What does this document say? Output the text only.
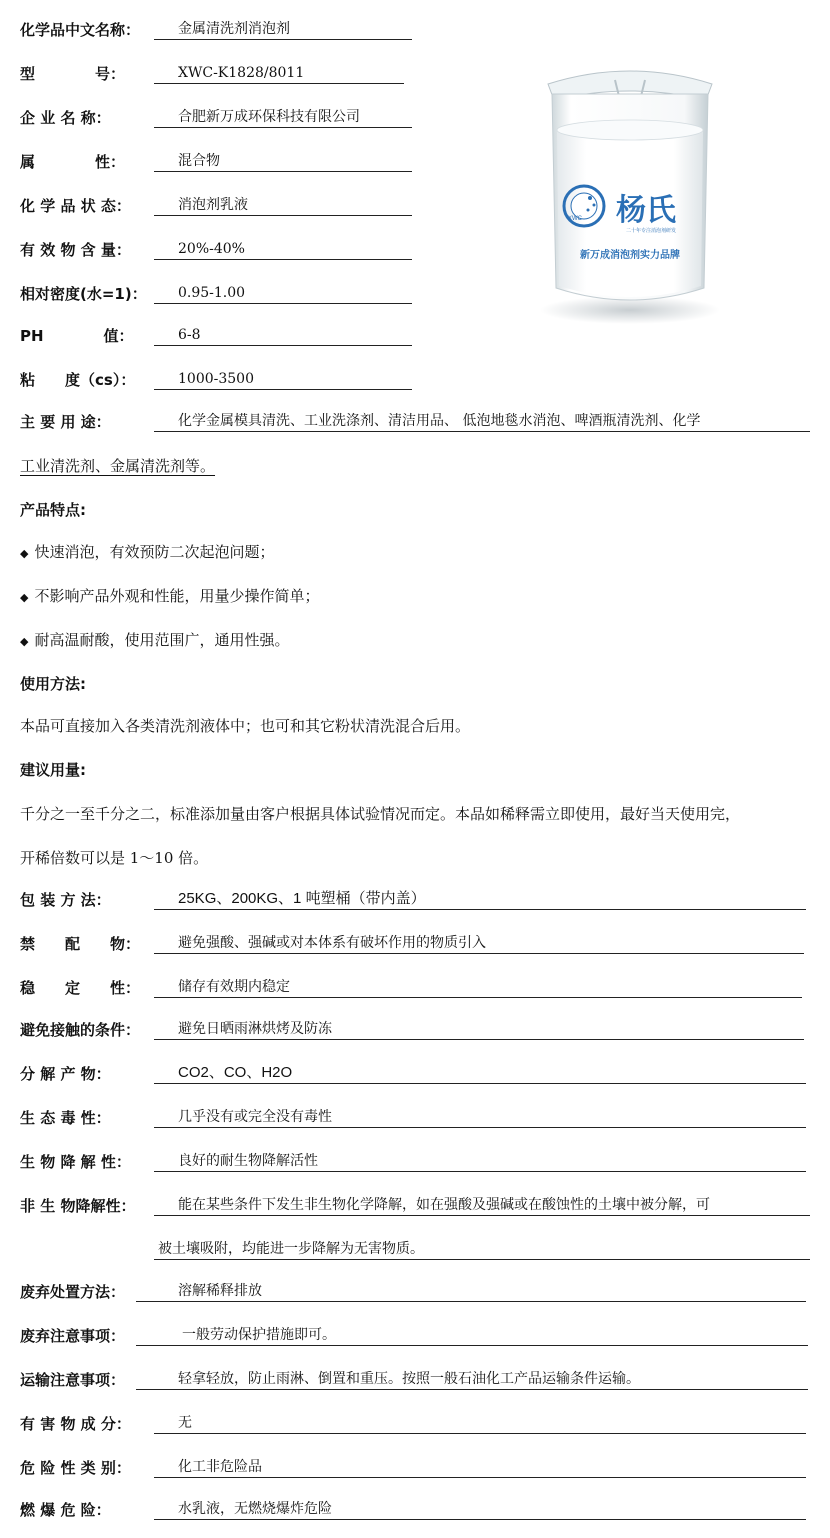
化学品中文名称：	金属清洗剂消泡剂
型　　　　号：	XWC-K1828/8011
企 业 名 称：	合肥新万成环保科技有限公司
属　　　　性：	混合物
化 学 品 状 态：	消泡剂乳液
有 效 物 含 量：	20%-40%
相对密度(水=1)：	0.95-1.00
PH　　　　值：	6-8
粘　　度（cs）：	1000-3500
XWC 杨氏
二十年专注消泡剂研发
新万成消泡剂实力品牌
主 要 用 途：	化学金属模具清洗、工业洗涤剂、清洁用品、 低泡地毯水消泡、啤酒瓶清洗剂、化学
工业清洗剂、金属清洗剂等。
产品特点:
◆ 快速消泡，有效预防二次起泡问题；
◆ 不影响产品外观和性能，用量少操作简单；
◆ 耐高温耐酸，使用范围广，通用性强。
使用方法:
本品可直接加入各类清洗剂液体中；也可和其它粉状清洗混合后用。
建议用量:
千分之一至千分之二，标准添加量由客户根据具体试验情况而定。本品如稀释需立即使用，最好当天使用完，
开稀倍数可以是 1～10 倍。
包 装 方 法：	25KG、200KG、1 吨塑桶（带内盖）
禁　　配　　物：	避免强酸、强碱或对本体系有破坏作用的物质引入
稳　　定　　性：	储存有效期内稳定
避免接触的条件：	避免日晒雨淋烘烤及防冻
分 解 产 物：	CO2、CO、H2O
生 态 毒 性：	几乎没有或完全没有毒性
生 物 降 解 性：	良好的耐生物降解活性
非 生 物降解性：	能在某些条件下发生非生物化学降解，如在强酸及强碱或在酸蚀性的土壤中被分解，可
被土壤吸附，均能进一步降解为无害物质。
废弃处置方法：	溶解稀释排放
废弃注意事项：	一般劳动保护措施即可。
运输注意事项：	轻拿轻放，防止雨淋、倒置和重压。按照一般石油化工产品运输条件运输。
有 害 物 成 分：	无
危 险 性 类 别：	化工非危险品
燃 爆 危 险：	水乳液，无燃烧爆炸危险
